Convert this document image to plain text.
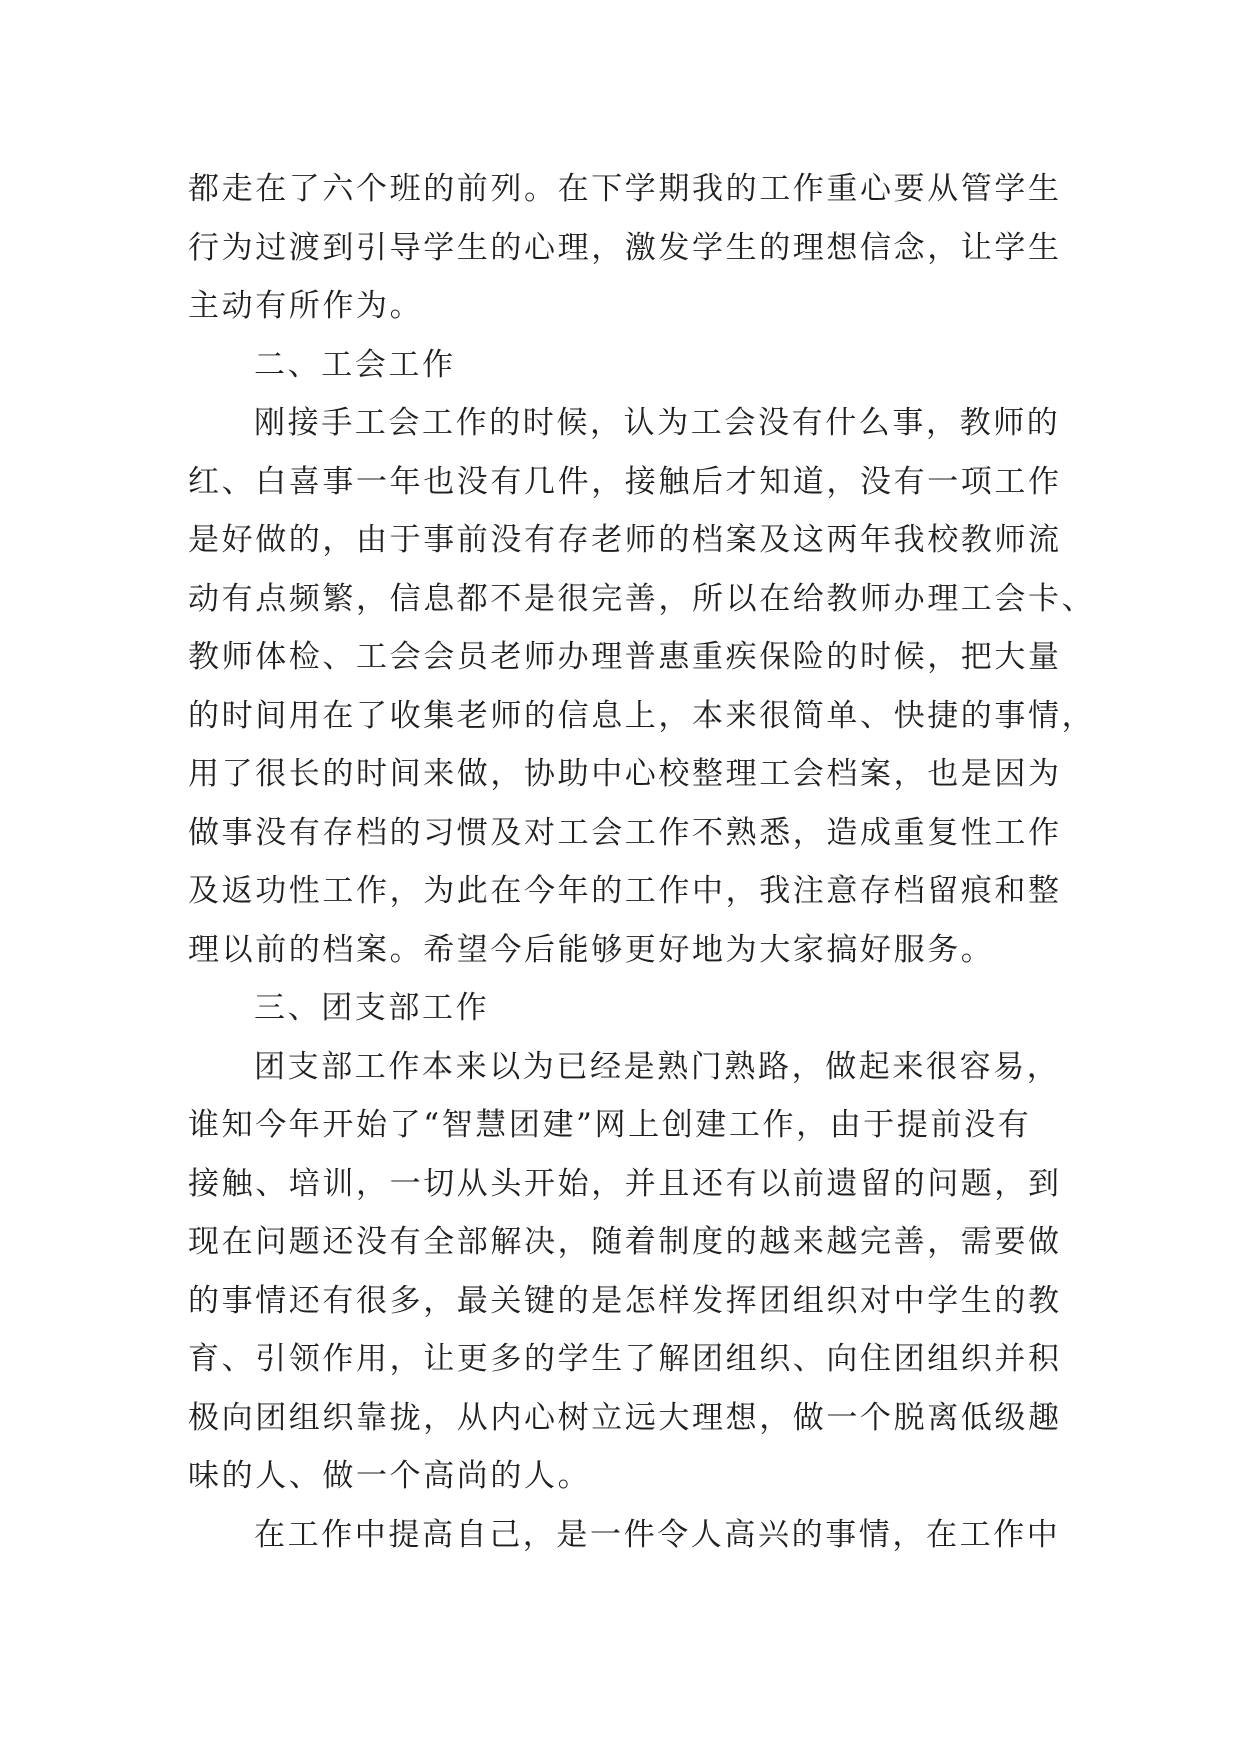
都走在了六个班的前列。在下学期我的工作重心要从管学生
行为过渡到引导学生的心理，激发学生的理想信念，让学生
主动有所作为。
二、工会工作
刚接手工会工作的时候，认为工会没有什么事，教师的
红、白喜事一年也没有几件，接触后才知道，没有一项工作
是好做的，由于事前没有存老师的档案及这两年我校教师流
动有点频繁，信息都不是很完善，所以在给教师办理工会卡、
教师体检、工会会员老师办理普惠重疾保险的时候，把大量
的时间用在了收集老师的信息上，本来很简单、快捷的事情，
用了很长的时间来做，协助中心校整理工会档案，也是因为
做事没有存档的习惯及对工会工作不熟悉，造成重复性工作
及返功性工作，为此在今年的工作中，我注意存档留痕和整
理以前的档案。希望今后能够更好地为大家搞好服务。
三、团支部工作
团支部工作本来以为已经是熟门熟路，做起来很容易，
谁知今年开始了“智慧团建”网上创建工作，由于提前没有
接触、培训，一切从头开始，并且还有以前遗留的问题，到
现在问题还没有全部解决，随着制度的越来越完善，需要做
的事情还有很多，最关键的是怎样发挥团组织对中学生的教
育、引领作用，让更多的学生了解团组织、向住团组织并积
极向团组织靠拢，从内心树立远大理想，做一个脱离低级趣
味的人、做一个高尚的人。
在工作中提高自己，是一件令人高兴的事情，在工作中
